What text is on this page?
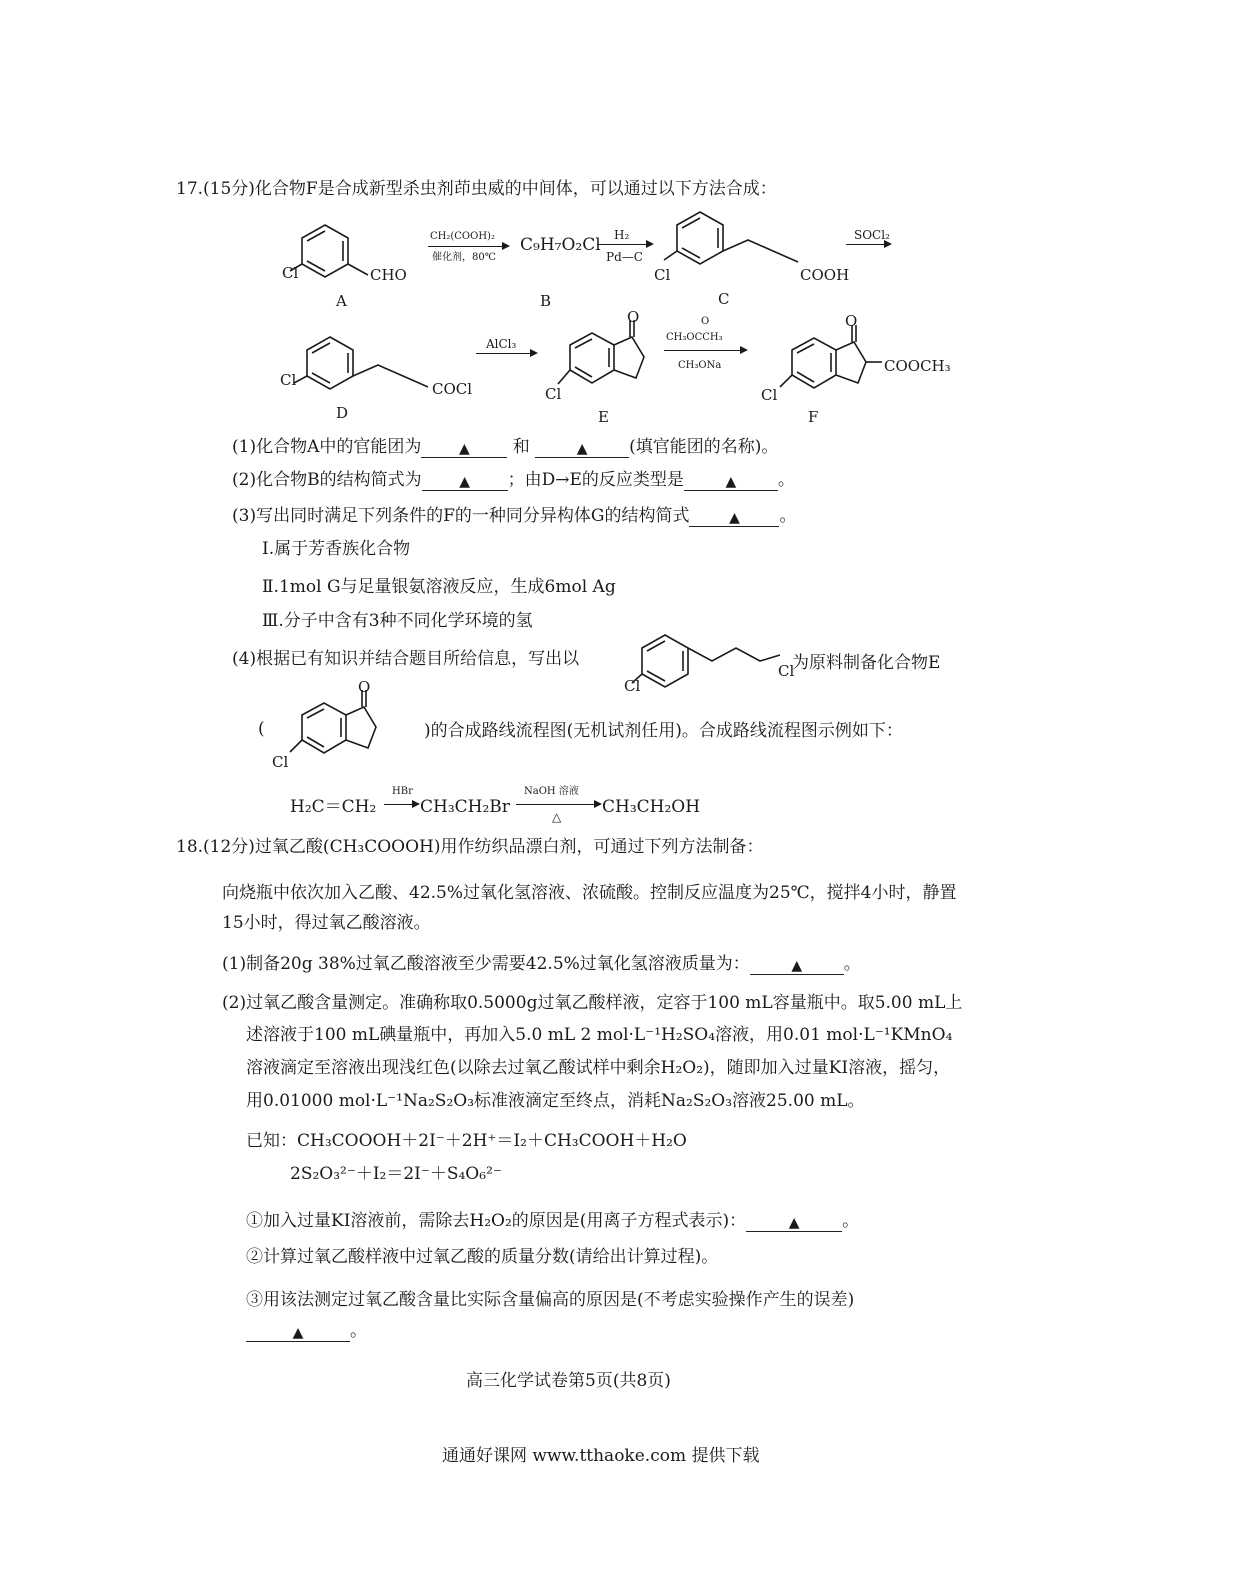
17.(15分)化合物F是合成新型杀虫剂茚虫威的中间体，可以通过以下方法合成：
Cl	CHO
A
CH₂(COOH)₂
催化剂，80℃
C₉H₇O₂Cl
B
H₂
Pd—C
Cl	COOH
C
SOCl₂
Cl	COCl
D
AlCl₃
O
Cl
E
O
CH₃OCCH₃
CH₃ONa
O
COOCH₃
Cl
F
(1)化合物A中的官能团为	▲	和	▲ (填官能团的名称)。
(2)化合物B的结构简式为	▲ ；由D→E的反应类型是	▲ 。
(3)写出同时满足下列条件的F的一种同分异构体G的结构简式	▲ 。
Ⅰ.属于芳香族化合物
Ⅱ.1mol G与足量银氨溶液反应，生成6mol Ag
Ⅲ.分子中含有3种不同化学环境的氢
(4)根据已有知识并结合题目所给信息，写出以
Cl
Cl
为原料制备化合物E
(
O
Cl
)的合成路线流程图(无机试剂任用)。合成路线流程图示例如下：
H₂C＝CH₂
HBr
CH₃CH₂Br
NaOH 溶液
△ CH₃CH₂OH
18.(12分)过氧乙酸(CH₃COOOH)用作纺织品漂白剂，可通过下列方法制备：
向烧瓶中依次加入乙酸、42.5%过氧化氢溶液、浓硫酸。控制反应温度为25℃，搅拌4小时，静置
15小时，得过氧乙酸溶液。
(1)制备20g 38%过氧乙酸溶液至少需要42.5%过氧化氢溶液质量为：	▲ 。
(2)过氧乙酸含量测定。准确称取0.5000g过氧乙酸样液，定容于100 mL容量瓶中。取5.00 mL上
述溶液于100 mL碘量瓶中，再加入5.0 mL 2 mol·L⁻¹H₂SO₄溶液，用0.01 mol·L⁻¹KMnO₄
溶液滴定至溶液出现浅红色(以除去过氧乙酸试样中剩余H₂O₂)，随即加入过量KI溶液，摇匀，
用0.01000 mol·L⁻¹Na₂S₂O₃标准液滴定至终点，消耗Na₂S₂O₃溶液25.00 mL。
已知：CH₃COOOH＋2I⁻＋2H⁺＝I₂＋CH₃COOH＋H₂O
2S₂O₃²⁻＋I₂＝2I⁻＋S₄O₆²⁻
①加入过量KI溶液前，需除去H₂O₂的原因是(用离子方程式表示)：	▲	。
②计算过氧乙酸样液中过氧乙酸的质量分数(请给出计算过程)。
③用该法测定过氧乙酸含量比实际含量偏高的原因是(不考虑实验操作产生的误差)
▲	。
高三化学试卷第5页(共8页)
通通好课网 www.tthaoke.com 提供下载
